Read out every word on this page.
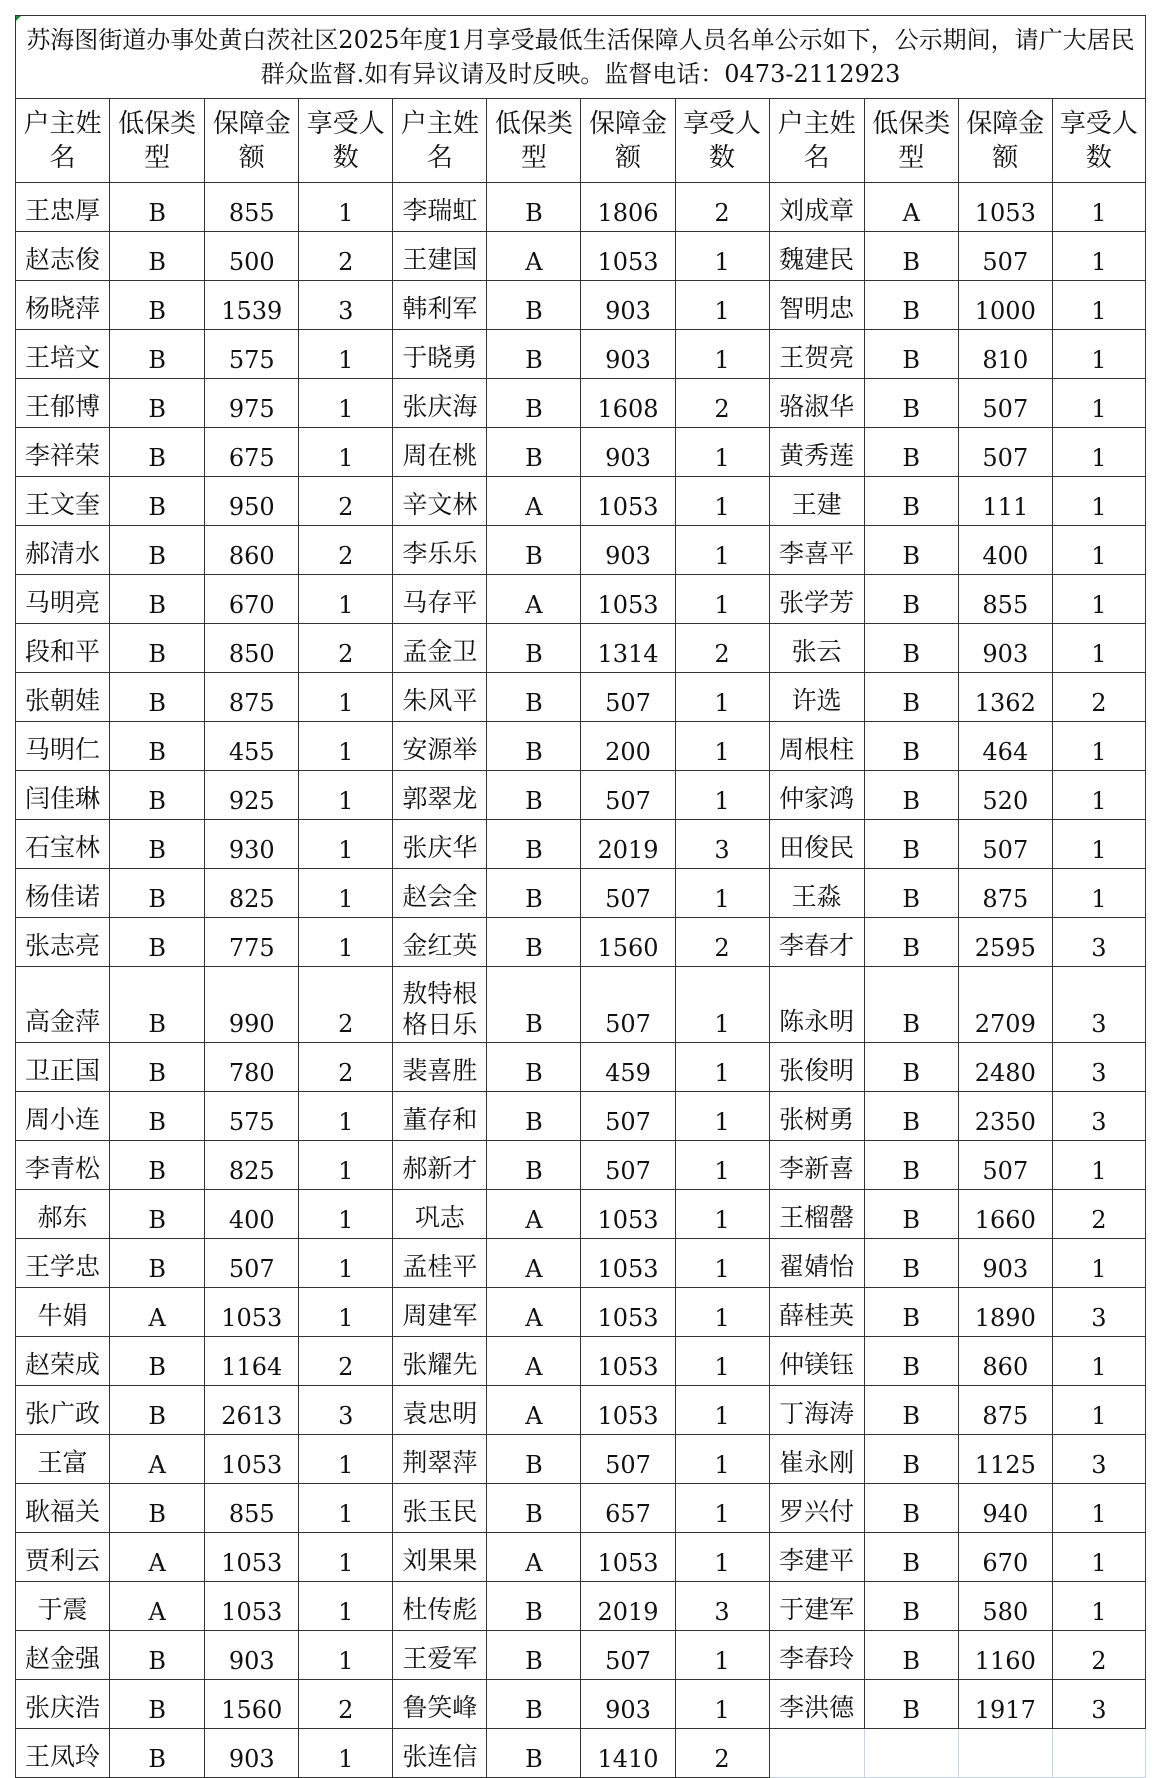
苏海图街道办事处黄白茨社区2025年度1月享受最低生活保障人员名单公示如下，公示期间，请广大居民群众监督.如有异议请及时反映。监督电话：0473-2112923											
户主姓名	低保类型	保障金额	享受人数	户主姓名	低保类型	保障金额	享受人数	户主姓名	低保类型	保障金额	享受人数
王忠厚	B	855	1	李瑞虹	B	1806	2	刘成章	A	1053	1
赵志俊	B	500	2	王建国	A	1053	1	魏建民	B	507	1
杨晓萍	B	1539	3	韩利军	B	903	1	智明忠	B	1000	1
王培文	B	575	1	于晓勇	B	903	1	王贺亮	B	810	1
王郁博	B	975	1	张庆海	B	1608	2	骆淑华	B	507	1
李祥荣	B	675	1	周在桃	B	903	1	黄秀莲	B	507	1
王文奎	B	950	2	辛文林	A	1053	1	王建	B	111	1
郝清水	B	860	2	李乐乐	B	903	1	李喜平	B	400	1
马明亮	B	670	1	马存平	A	1053	1	张学芳	B	855	1
段和平	B	850	2	孟金卫	B	1314	2	张云	B	903	1
张朝娃	B	875	1	朱风平	B	507	1	许选	B	1362	2
马明仁	B	455	1	安源举	B	200	1	周根柱	B	464	1
闫佳琳	B	925	1	郭翠龙	B	507	1	仲家鸿	B	520	1
石宝林	B	930	1	张庆华	B	2019	3	田俊民	B	507	1
杨佳诺	B	825	1	赵会全	B	507	1	王淼	B	875	1
张志亮	B	775	1	金红英	B	1560	2	李春才	B	2595	3
高金萍	B	990	2	敖特根格日乐	B	507	1	陈永明	B	2709	3
卫正国	B	780	2	裴喜胜	B	459	1	张俊明	B	2480	3
周小连	B	575	1	董存和	B	507	1	张树勇	B	2350	3
李青松	B	825	1	郝新才	B	507	1	李新喜	B	507	1
郝东	B	400	1	巩志	A	1053	1	王榴罄	B	1660	2
王学忠	B	507	1	孟桂平	A	1053	1	翟婧怡	B	903	1
牛娟	A	1053	1	周建军	A	1053	1	薛桂英	B	1890	3
赵荣成	B	1164	2	张耀先	A	1053	1	仲镁钰	B	860	1
张广政	B	2613	3	袁忠明	A	1053	1	丁海涛	B	875	1
王富	A	1053	1	荆翠萍	B	507	1	崔永刚	B	1125	3
耿福关	B	855	1	张玉民	B	657	1	罗兴付	B	940	1
贾利云	A	1053	1	刘果果	A	1053	1	李建平	B	670	1
于震	A	1053	1	杜传彪	B	2019	3	于建军	B	580	1
赵金强	B	903	1	王爱军	B	507	1	李春玲	B	1160	2
张庆浩	B	1560	2	鲁笑峰	B	903	1	李洪德	B	1917	3
王凤玲	B	903	1	张连信	B	1410	2				
